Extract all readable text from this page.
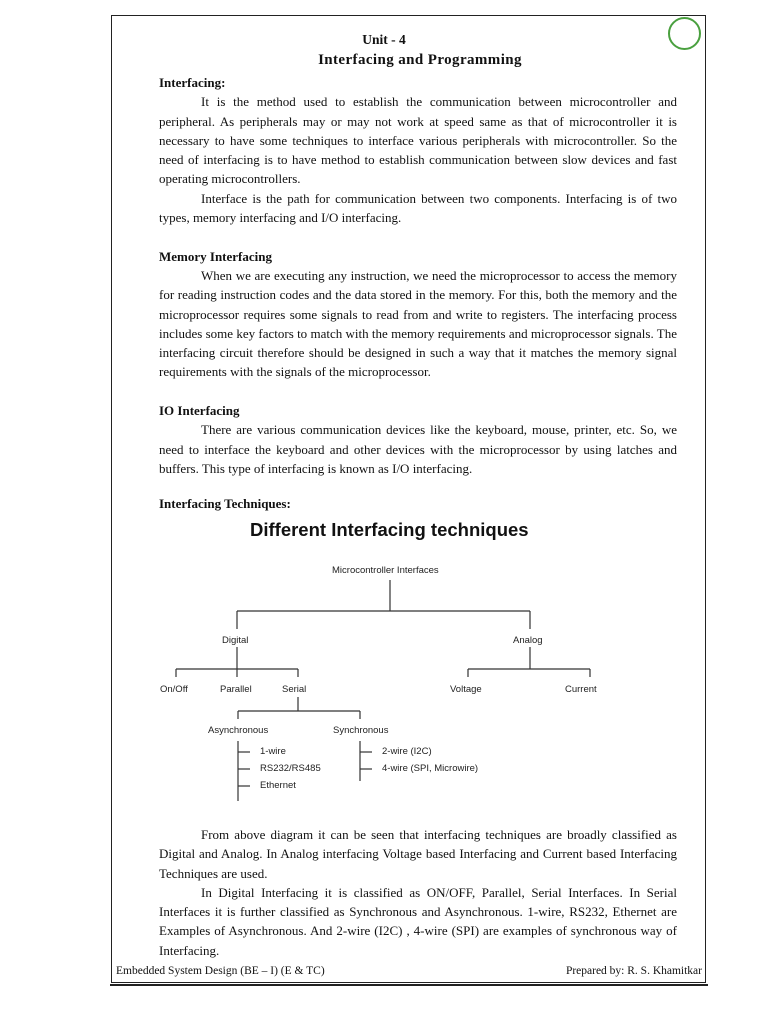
Unit - 4
Interfacing and Programming
Interfacing:

It is the method used to establish the communication between microcontroller and peripheral. As peripherals may or may not work at speed same as that of microcontroller it is necessary to have some techniques to interface various peripherals with microcontroller. So the need of interfacing is to have method to establish communication between slow devices and fast operating microcontrollers.

Interface is the path for communication between two components. Interfacing is of two types, memory interfacing and I/O interfacing.

Memory Interfacing

When we are executing any instruction, we need the microprocessor to access the memory for reading instruction codes and the data stored in the memory. For this, both the memory and the microprocessor requires some signals to read from and write to registers. The interfacing process includes some key factors to match with the memory requirements and microprocessor signals. The interfacing circuit therefore should be designed in such a way that it matches the memory signal requirements with the signals of the microprocessor.

IO Interfacing

There are various communication devices like the keyboard, mouse, printer, etc. So, we need to interface the keyboard and other devices with the microprocessor by using latches and buffers. This type of interfacing is known as I/O interfacing.

Interfacing Techniques:
Different Interfacing techniques
Microcontroller Interfaces
Digital	Analog
On/Off	Parallel	Serial	Voltage	Current
Asynchronous	Synchronous
1-wire
RS232/RS485
Ethernet
2-wire (I2C)
4-wire (SPI, Microwire)

From above diagram it can be seen that interfacing techniques are broadly classified as Digital and Analog. In Analog interfacing Voltage based Interfacing and Current based Interfacing Techniques are used.

In Digital Interfacing it is classified as ON/OFF, Parallel, Serial Interfaces. In Serial Interfaces it is further classified as Synchronous and Asynchronous. 1-wire, RS232, Ethernet are Examples of Asynchronous. And 2-wire (I2C) , 4-wire (SPI) are examples of synchronous way of Interfacing.

Embedded System Design (BE – I) (E & TC)	Prepared by: R. S. Khamitkar
